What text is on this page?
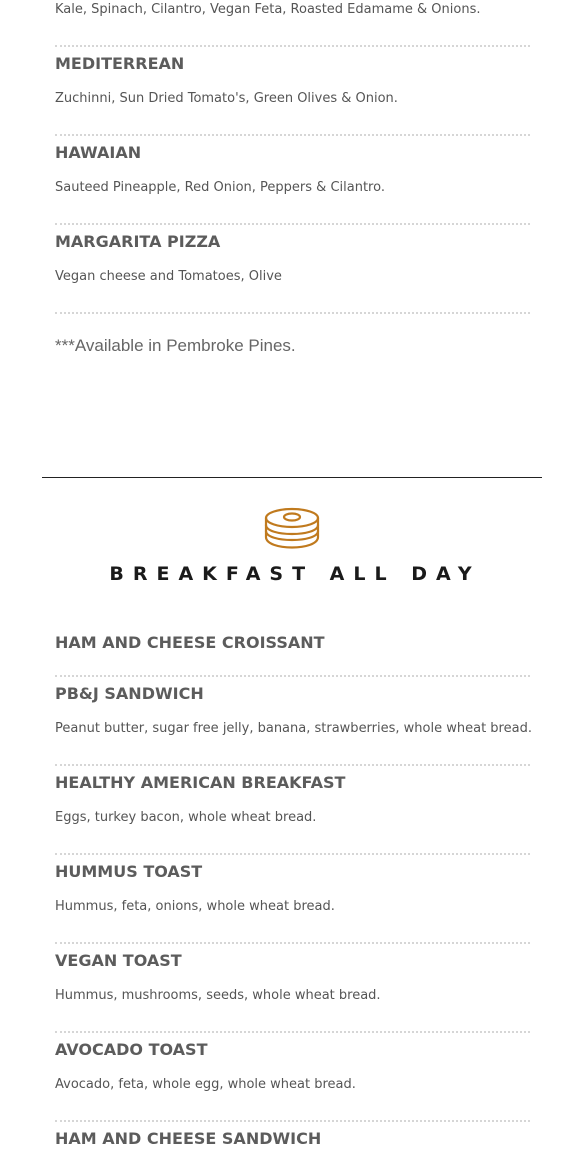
Kale, Spinach, Cilantro, Vegan Feta, Roasted Edamame & Onions.
MEDITERREAN
Zuchinni, Sun Dried Tomato's, Green Olives & Onion.
HAWAIAN
Sauteed Pineapple, Red Onion, Peppers & Cilantro.
MARGARITA PIZZA
Vegan cheese and Tomatoes, Olive
***Available in Pembroke Pines.
BREAKFAST ALL DAY
HAM AND CHEESE CROISSANT
PB&J SANDWICH
Peanut butter, sugar free jelly, banana, strawberries, whole wheat bread.
HEALTHY AMERICAN BREAKFAST
Eggs, turkey bacon, whole wheat bread.
HUMMUS TOAST
Hummus, feta, onions, whole wheat bread.
VEGAN TOAST
Hummus, mushrooms, seeds, whole wheat bread.
AVOCADO TOAST
Avocado, feta, whole egg, whole wheat bread.
HAM AND CHEESE SANDWICH
